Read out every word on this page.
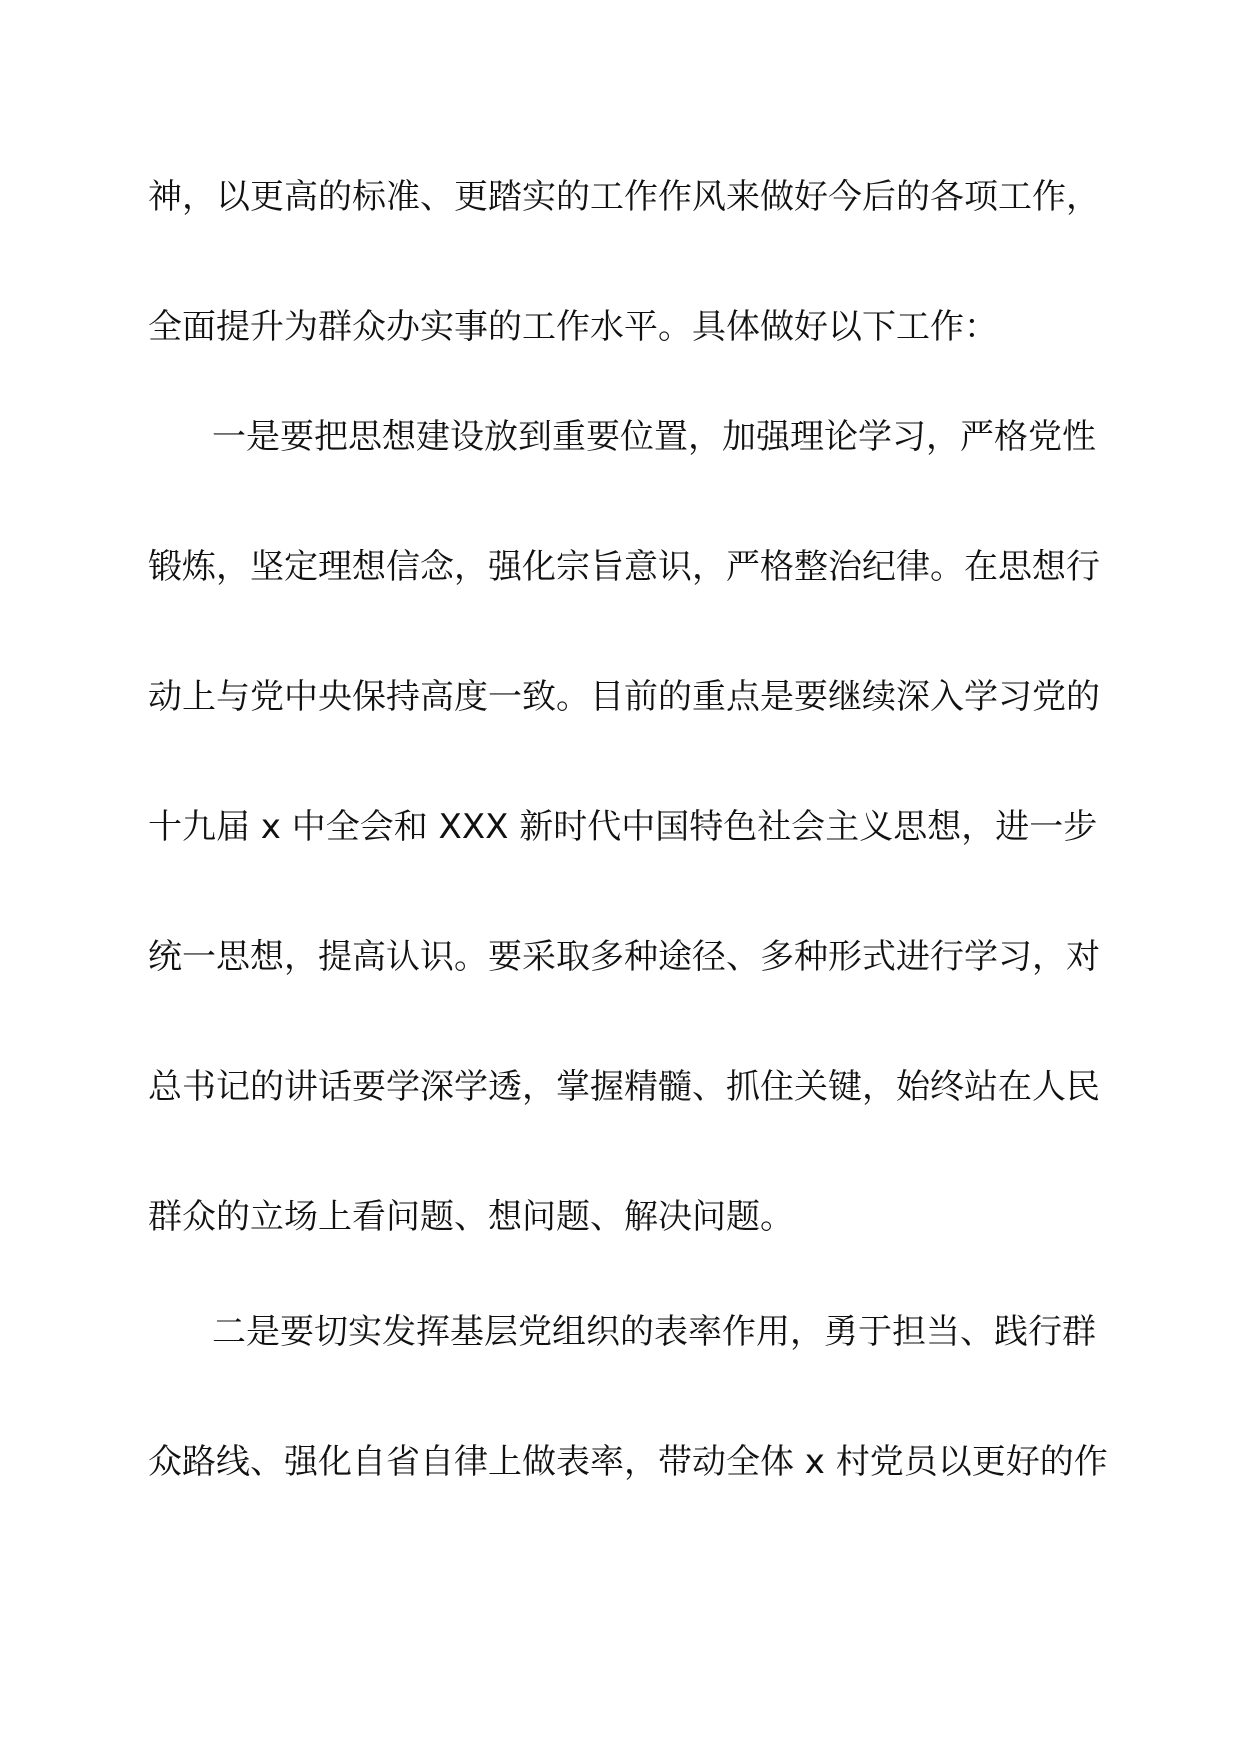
神，以更高的标准、更踏实的工作作风来做好今后的各项工作，
全面提升为群众办实事的工作水平。具体做好以下工作：
一是要把思想建设放到重要位置，加强理论学习，严格党性
锻炼，坚定理想信念，强化宗旨意识，严格整治纪律。在思想行
动上与党中央保持高度一致。目前的重点是要继续深入学习党的
十九届 x 中全会和 XXX 新时代中国特色社会主义思想，进一步
统一思想，提高认识。要采取多种途径、多种形式进行学习，对
总书记的讲话要学深学透，掌握精髓、抓住关键，始终站在人民
群众的立场上看问题、想问题、解决问题。
二是要切实发挥基层党组织的表率作用，勇于担当、践行群
众路线、强化自省自律上做表率，带动全体 x 村党员以更好的作
